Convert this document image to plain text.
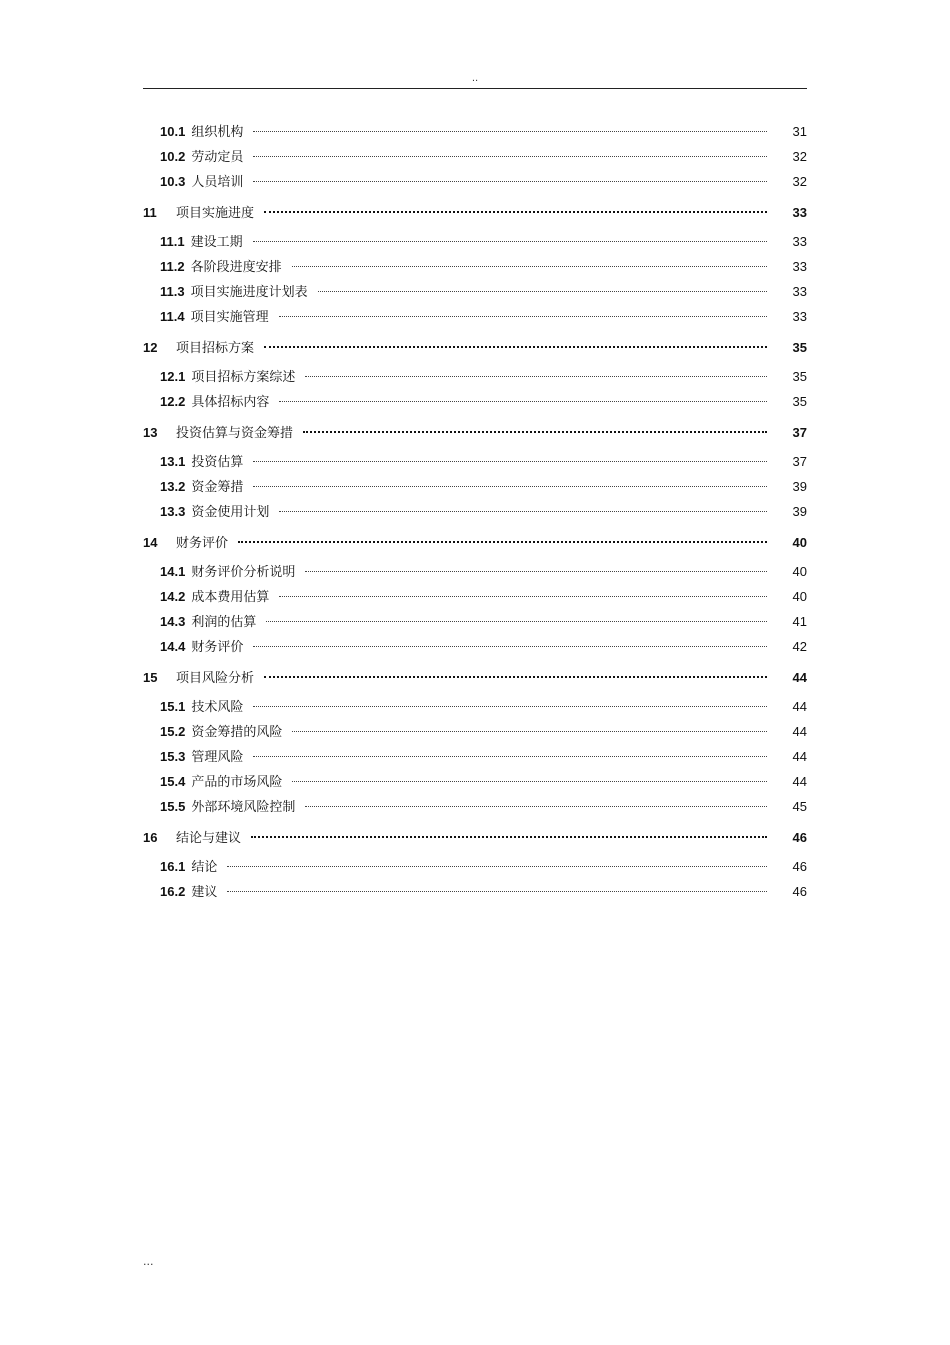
..
10.1 组织机构	31
10.2 劳动定员	32
10.3 人员培训	32
11	项目实施进度	33
11.1 建设工期	33
11.2 各阶段进度安排	33
11.3 项目实施进度计划表	33
11.4 项目实施管理	33
12	项目招标方案	35
12.1 项目招标方案综述	35
12.2 具体招标内容	35
13	投资估算与资金筹措	37
13.1 投资估算	37
13.2 资金筹措	39
13.3 资金使用计划	39
14	财务评价	40
14.1 财务评价分析说明	40
14.2 成本费用估算	40
14.3 利润的估算	41
14.4 财务评价	42
15	项目风险分析	44
15.1 技术风险	44
15.2 资金筹措的风险	44
15.3 管理风险	44
15.4 产品的市场风险	44
15.5 外部环境风险控制	45
16	结论与建议	46
16.1 结论	46
16.2 建议	46
...
